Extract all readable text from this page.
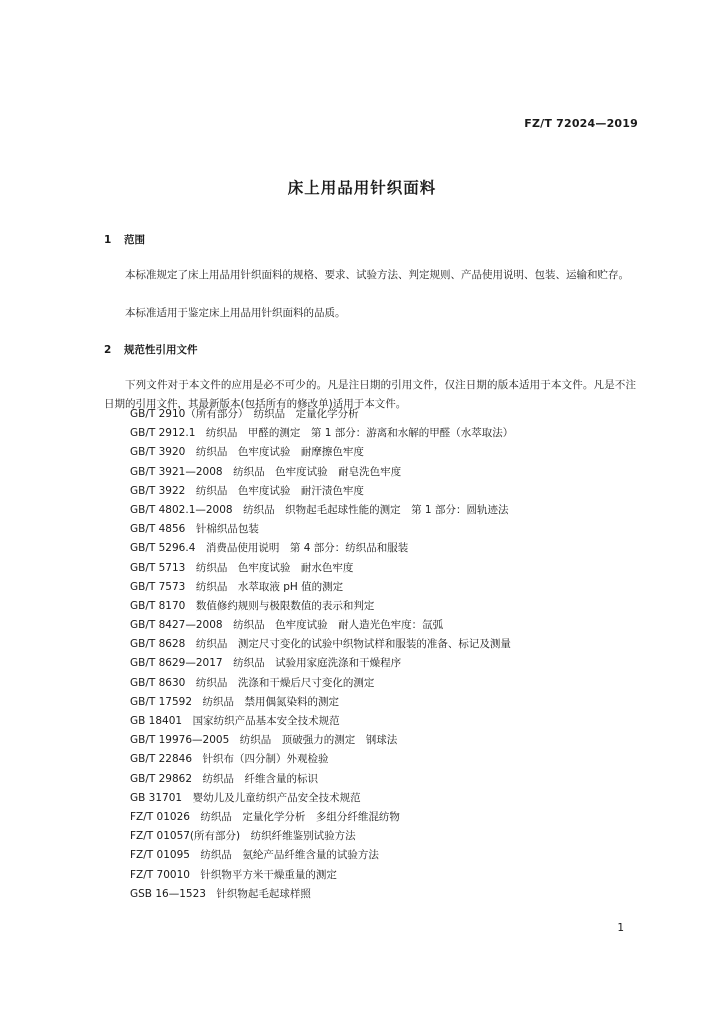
FZ/T 72024—2019
床上用品用针织面料
1 范围

本标准规定了床上用品用针织面料的规格、要求、试验方法、判定规则、产品使用说明、包装、运输和贮存。

本标准适用于鉴定床上用品用针织面料的品质。

2 规范性引用文件

下列文件对于本文件的应用是必不可少的。凡是注日期的引用文件，仅注日期的版本适用于本文件。凡是不注日期的引用文件，其最新版本(包括所有的修改单)适用于本文件。

GB/T 2910（所有部分）　纺织品　定量化学分析
GB/T 2912.1　纺织品　甲醛的测定　第 1 部分：游离和水解的甲醛（水萃取法）
GB/T 3920　纺织品　色牢度试验　耐摩擦色牢度
GB/T 3921—2008　纺织品　色牢度试验　耐皂洗色牢度
GB/T 3922　纺织品　色牢度试验　耐汗渍色牢度
GB/T 4802.1—2008　纺织品　织物起毛起球性能的测定　第 1 部分：圆轨迹法
GB/T 4856　针棉织品包装
GB/T 5296.4　消费品使用说明　第 4 部分：纺织品和服装
GB/T 5713　纺织品　色牢度试验　耐水色牢度
GB/T 7573　纺织品　水萃取液 pH 值的测定
GB/T 8170　数值修约规则与极限数值的表示和判定
GB/T 8427—2008　纺织品　色牢度试验　耐人造光色牢度：氙弧
GB/T 8628　纺织品　测定尺寸变化的试验中织物试样和服装的准备、标记及测量
GB/T 8629—2017　纺织品　试验用家庭洗涤和干燥程序
GB/T 8630　纺织品　洗涤和干燥后尺寸变化的测定
GB/T 17592　纺织品　禁用偶氮染料的测定
GB 18401　国家纺织产品基本安全技术规范
GB/T 19976—2005　纺织品　顶破强力的测定　钢球法
GB/T 22846　针织布（四分制）外观检验
GB/T 29862　纺织品　纤维含量的标识
GB 31701　婴幼儿及儿童纺织产品安全技术规范
FZ/T 01026　纺织品　定量化学分析　多组分纤维混纺物
FZ/T 01057(所有部分)　纺织纤维鉴别试验方法
FZ/T 01095　纺织品　氨纶产品纤维含量的试验方法
FZ/T 70010　针织物平方米干燥重量的测定
GSB 16—1523　针织物起毛起球样照
1
